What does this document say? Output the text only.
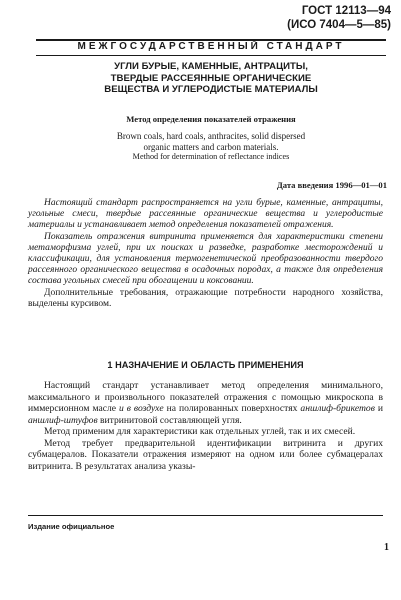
ГОСТ 12113—94
(ИСО 7404—5—85)
МЕЖГОСУДАРСТВЕННЫЙ СТАНДАРТ
УГЛИ БУРЫЕ, КАМЕННЫЕ, АНТРАЦИТЫ,
ТВЕРДЫЕ РАССЕЯННЫЕ ОРГАНИЧЕСКИЕ
ВЕЩЕСТВА И УГЛЕРОДИСТЫЕ МАТЕРИАЛЫ
Метод определения показателей отражения
Brown coals, hard coals, anthracites, solid dispersed
organic matters and carbon materials.
Method for determination of reflectance indices
Дата введения 1996—01—01

Настоящий стандарт распространяется на угли бурые, каменные, антрациты, угольные смеси, твердые рассеянные органические вещества и углеродистые материалы и устанавливает метод определения показателей отражения.

Показатель отражения витринита применяется для характеристики степени метаморфизма углей, при их поисках и разведке, разработке месторождений и классификации, для установления термогенетической преобразованности твердого рассеянного органического вещества в осадочных породах, а также для определения состава угольных смесей при обогащении и коксовании.

Дополнительные требования, отражающие потребности народного хозяйства, выделены курсивом.

1 НАЗНАЧЕНИЕ И ОБЛАСТЬ ПРИМЕНЕНИЯ

Настоящий стандарт устанавливает метод определения минимального, максимального и произвольного показателей отражения с помощью микроскопа в иммерсионном масле и в воздухе на полированных поверхностях аншлиф-брикетов и аншлиф-штуфов витринитовой составляющей угля.

Метод применим для характеристики как отдельных углей, так и их смесей.

Метод требует предварительной идентификации витринита и других субмацералов. Показатели отражения измеряют на одном или более субмацералах витринита. В результатах анализа указы-

Издание официальное
1
